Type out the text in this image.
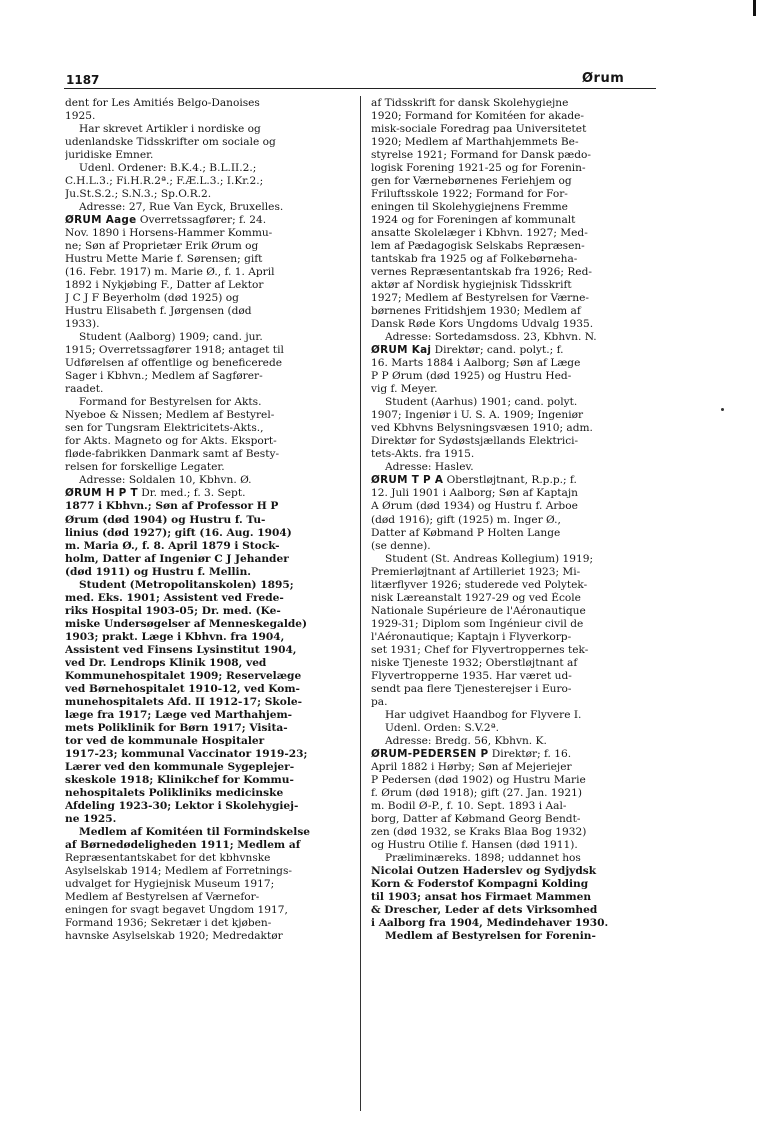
1187	Ørum
dent for Les Amitiés Belgo-Danoises
1925.
Har skrevet Artikler i nordiske og
udenlandske Tidsskrifter om sociale og
juridiske Emner.
Udenl. Ordener: B.K.4.; B.L.II.2.;
C.H.L.3.; Fi.H.R.2ª.; F.Æ.L.3.; I.Kr.2.;
Ju.St.S.2.; S.N.3.; Sp.O.R.2.
Adresse: 27, Rue Van Eyck, Bruxelles.
ØRUM Aage Overretssagfører; f. 24.
Nov. 1890 i Horsens-Hammer Kommu-
ne; Søn af Proprietær Erik Ørum og
Hustru Mette Marie f. Sørensen; gift
(16. Febr. 1917) m. Marie Ø., f. 1. April
1892 i Nykjøbing F., Datter af Lektor
J C J F Beyerholm (død 1925) og
Hustru Elisabeth f. Jørgensen (død
1933).
Student (Aalborg) 1909; cand. jur.
1915; Overretssagfører 1918; antaget til
Udførelsen af offentlige og beneficerede
Sager i Kbhvn.; Medlem af Sagfører-
raadet.
Formand for Bestyrelsen for Akts.
Nyeboe & Nissen; Medlem af Bestyrel-
sen for Tungsram Elektricitets-Akts.,
for Akts. Magneto og for Akts. Eksport-
fløde-fabrikken Danmark samt af Besty-
relsen for forskellige Legater.
Adresse: Soldalen 10, Kbhvn. Ø.
ØRUM H P T Dr. med.; f. 3. Sept.
1877 i Kbhvn.; Søn af Professor H P
Ørum (død 1904) og Hustru f. Tu-
linius (død 1927); gift (16. Aug. 1904)
m. Maria Ø., f. 8. April 1879 i Stock-
holm, Datter af Ingeniør C J Jehander
(død 1911) og Hustru f. Mellin.
Student (Metropolitanskolen) 1895;
med. Eks. 1901; Assistent ved Frede-
riks Hospital 1903-05; Dr. med. (Ke-
miske Undersøgelser af Menneskegalde)
1903; prakt. Læge i Kbhvn. fra 1904,
Assistent ved Finsens Lysinstitut 1904,
ved Dr. Lendrops Klinik 1908, ved
Kommunehospitalet 1909; Reservelæge
ved Børnehospitalet 1910-12, ved Kom-
munehospitalets Afd. II 1912-17; Skole-
læge fra 1917; Læge ved Marthahjem-
mets Poliklinik for Børn 1917; Visita-
tor ved de kommunale Hospitaler
1917-23; kommunal Vaccinator 1919-23;
Lærer ved den kommunale Sygeplejer-
skeskole 1918; Klinikchef for Kommu-
nehospitalets Polikliniks medicinske
Afdeling 1923-30; Lektor i Skolehygiej-
ne 1925.
Medlem af Komitéen til Formindskelse
af Børnedødeligheden 1911; Medlem af
Repræsentantskabet for det kbhvnske
Asylselskab 1914; Medlem af Forretnings-
udvalget for Hygiejnisk Museum 1917;
Medlem af Bestyrelsen af Værnefor-
eningen for svagt begavet Ungdom 1917,
Formand 1936; Sekretær i det kjøben-
havnske Asylselskab 1920; Medredaktør
af Tidsskrift for dansk Skolehygiejne
1920; Formand for Komitéen for akade-
misk-sociale Foredrag paa Universitetet
1920; Medlem af Marthahjemmets Be-
styrelse 1921; Formand for Dansk pædo-
logisk Forening 1921-25 og for Forenin-
gen for Værnebørnenes Feriehjem og
Friluftsskole 1922; Formand for For-
eningen til Skolehygiejnens Fremme
1924 og for Foreningen af kommunalt
ansatte Skolelæger i Kbhvn. 1927; Med-
lem af Pædagogisk Selskabs Repræsen-
tantskab fra 1925 og af Folkebørneha-
vernes Repræsentantskab fra 1926; Red-
aktør af Nordisk hygiejnisk Tidsskrift
1927; Medlem af Bestyrelsen for Værne-
børnenes Fritidshjem 1930; Medlem af
Dansk Røde Kors Ungdoms Udvalg 1935.
Adresse: Sortedamsdoss. 23, Kbhvn. N.
ØRUM Kaj Direktør; cand. polyt.; f.
16. Marts 1884 i Aalborg; Søn af Læge
P P Ørum (død 1925) og Hustru Hed-
vig f. Meyer.
Student (Aarhus) 1901; cand. polyt.
1907; Ingeniør i U. S. A. 1909; Ingeniør
ved Kbhvns Belysningsvæsen 1910; adm.
Direktør for Sydøstsjællands Elektrici-
tets-Akts. fra 1915.
Adresse: Haslev.
ØRUM T P A Oberstløjtnant, R.p.p.; f.
12. Juli 1901 i Aalborg; Søn af Kaptajn
A Ørum (død 1934) og Hustru f. Arboe
(død 1916); gift (1925) m. Inger Ø.,
Datter af Købmand P Holten Lange
(se denne).
Student (St. Andreas Kollegium) 1919;
Premierløjtnant af Artilleriet 1923; Mi-
litærflyver 1926; studerede ved Polytek-
nisk Læreanstalt 1927-29 og ved École
Nationale Supérieure de l'Aéronautique
1929-31; Diplom som Ingénieur civil de
l'Aéronautique; Kaptajn i Flyverkorp-
set 1931; Chef for Flyvertroppernes tek-
niske Tjeneste 1932; Oberstløjtnant af
Flyvertropperne 1935. Har været ud-
sendt paa flere Tjenesterejser i Euro-
pa.
Har udgivet Haandbog for Flyvere I.
Udenl. Orden: S.V.2ª.
Adresse: Bredg. 56, Kbhvn. K.
ØRUM-PEDERSEN P Direktør; f. 16.
April 1882 i Hørby; Søn af Mejeriejer
P Pedersen (død 1902) og Hustru Marie
f. Ørum (død 1918); gift (27. Jan. 1921)
m. Bodil Ø-P., f. 10. Sept. 1893 i Aal-
borg, Datter af Købmand Georg Bendt-
zen (død 1932, se Kraks Blaa Bog 1932)
og Hustru Otilie f. Hansen (død 1911).
Præliminæreks. 1898; uddannet hos
Nicolai Outzen Haderslev og Sydjydsk
Korn & Foderstof Kompagni Kolding
til 1903; ansat hos Firmaet Mammen
& Drescher, Leder af dets Virksomhed
i Aalborg fra 1904, Medindehaver 1930.
Medlem af Bestyrelsen for Forenin-
